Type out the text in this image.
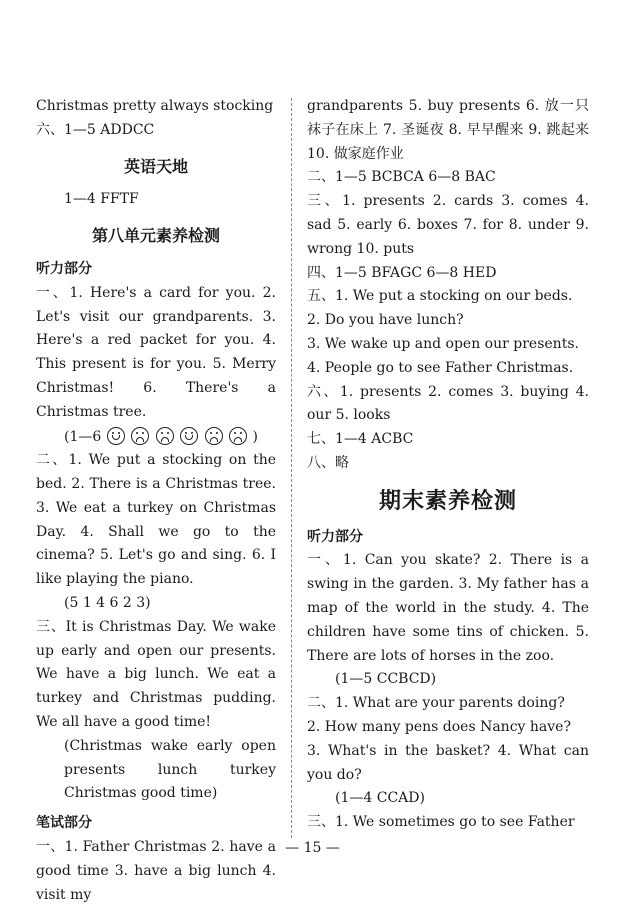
Christmas pretty always stocking

六、1—5 ADDCC

英语天地

1—4 FFTF

第八单元素养检测
听力部分

一、1. Here's a card for you. 2. Let's visit our grandparents. 3. Here's a red packet for you. 4. This present is for you. 5. Merry Christmas! 6. There's a Christmas tree.

(1—6

	)

二、1. We put a stocking on the bed. 2. There is a Christmas tree. 3. We eat a turkey on Christmas Day. 4. Shall we go to the cinema? 5. Let's go and sing. 6. I like playing the piano.

(5 1 4 6 2 3)

三、It is Christmas Day. We wake up early and open our presents. We have a big lunch. We eat a turkey and Christmas pudding. We all have a good time!

(Christmas wake early open presents lunch turkey Christmas good time)

笔试部分

一、1. Father Christmas 2. have a good time 3. have a big lunch 4. visit my

grandparents 5. buy presents 6. 放一只袜子在床上 7. 圣诞夜 8. 早早醒来 9. 跳起来 10. 做家庭作业

二、1—5 BCBCA 6—8 BAC

三、1. presents 2. cards 3. comes 4. sad 5. early 6. boxes 7. for 8. under 9. wrong 10. puts

四、1—5 BFAGC 6—8 HED

五、1. We put a stocking on our beds.

2. Do you have lunch?

3. We wake up and open our presents.

4. People go to see Father Christmas.

六、1. presents 2. comes 3. buying 4. our 5. looks

七、1—4 ACBC

八、略

期末素养检测
听力部分

一、1. Can you skate? 2. There is a swing in the garden. 3. My father has a map of the world in the study. 4. The children have some tins of chicken. 5. There are lots of horses in the zoo.

(1—5 CCBCD)

二、1. What are your parents doing?

2. How many pens does Nancy have?

3. What's in the basket? 4. What can you do?

(1—4 CCAD)

三、1. We sometimes go to see Father

— 15 —
